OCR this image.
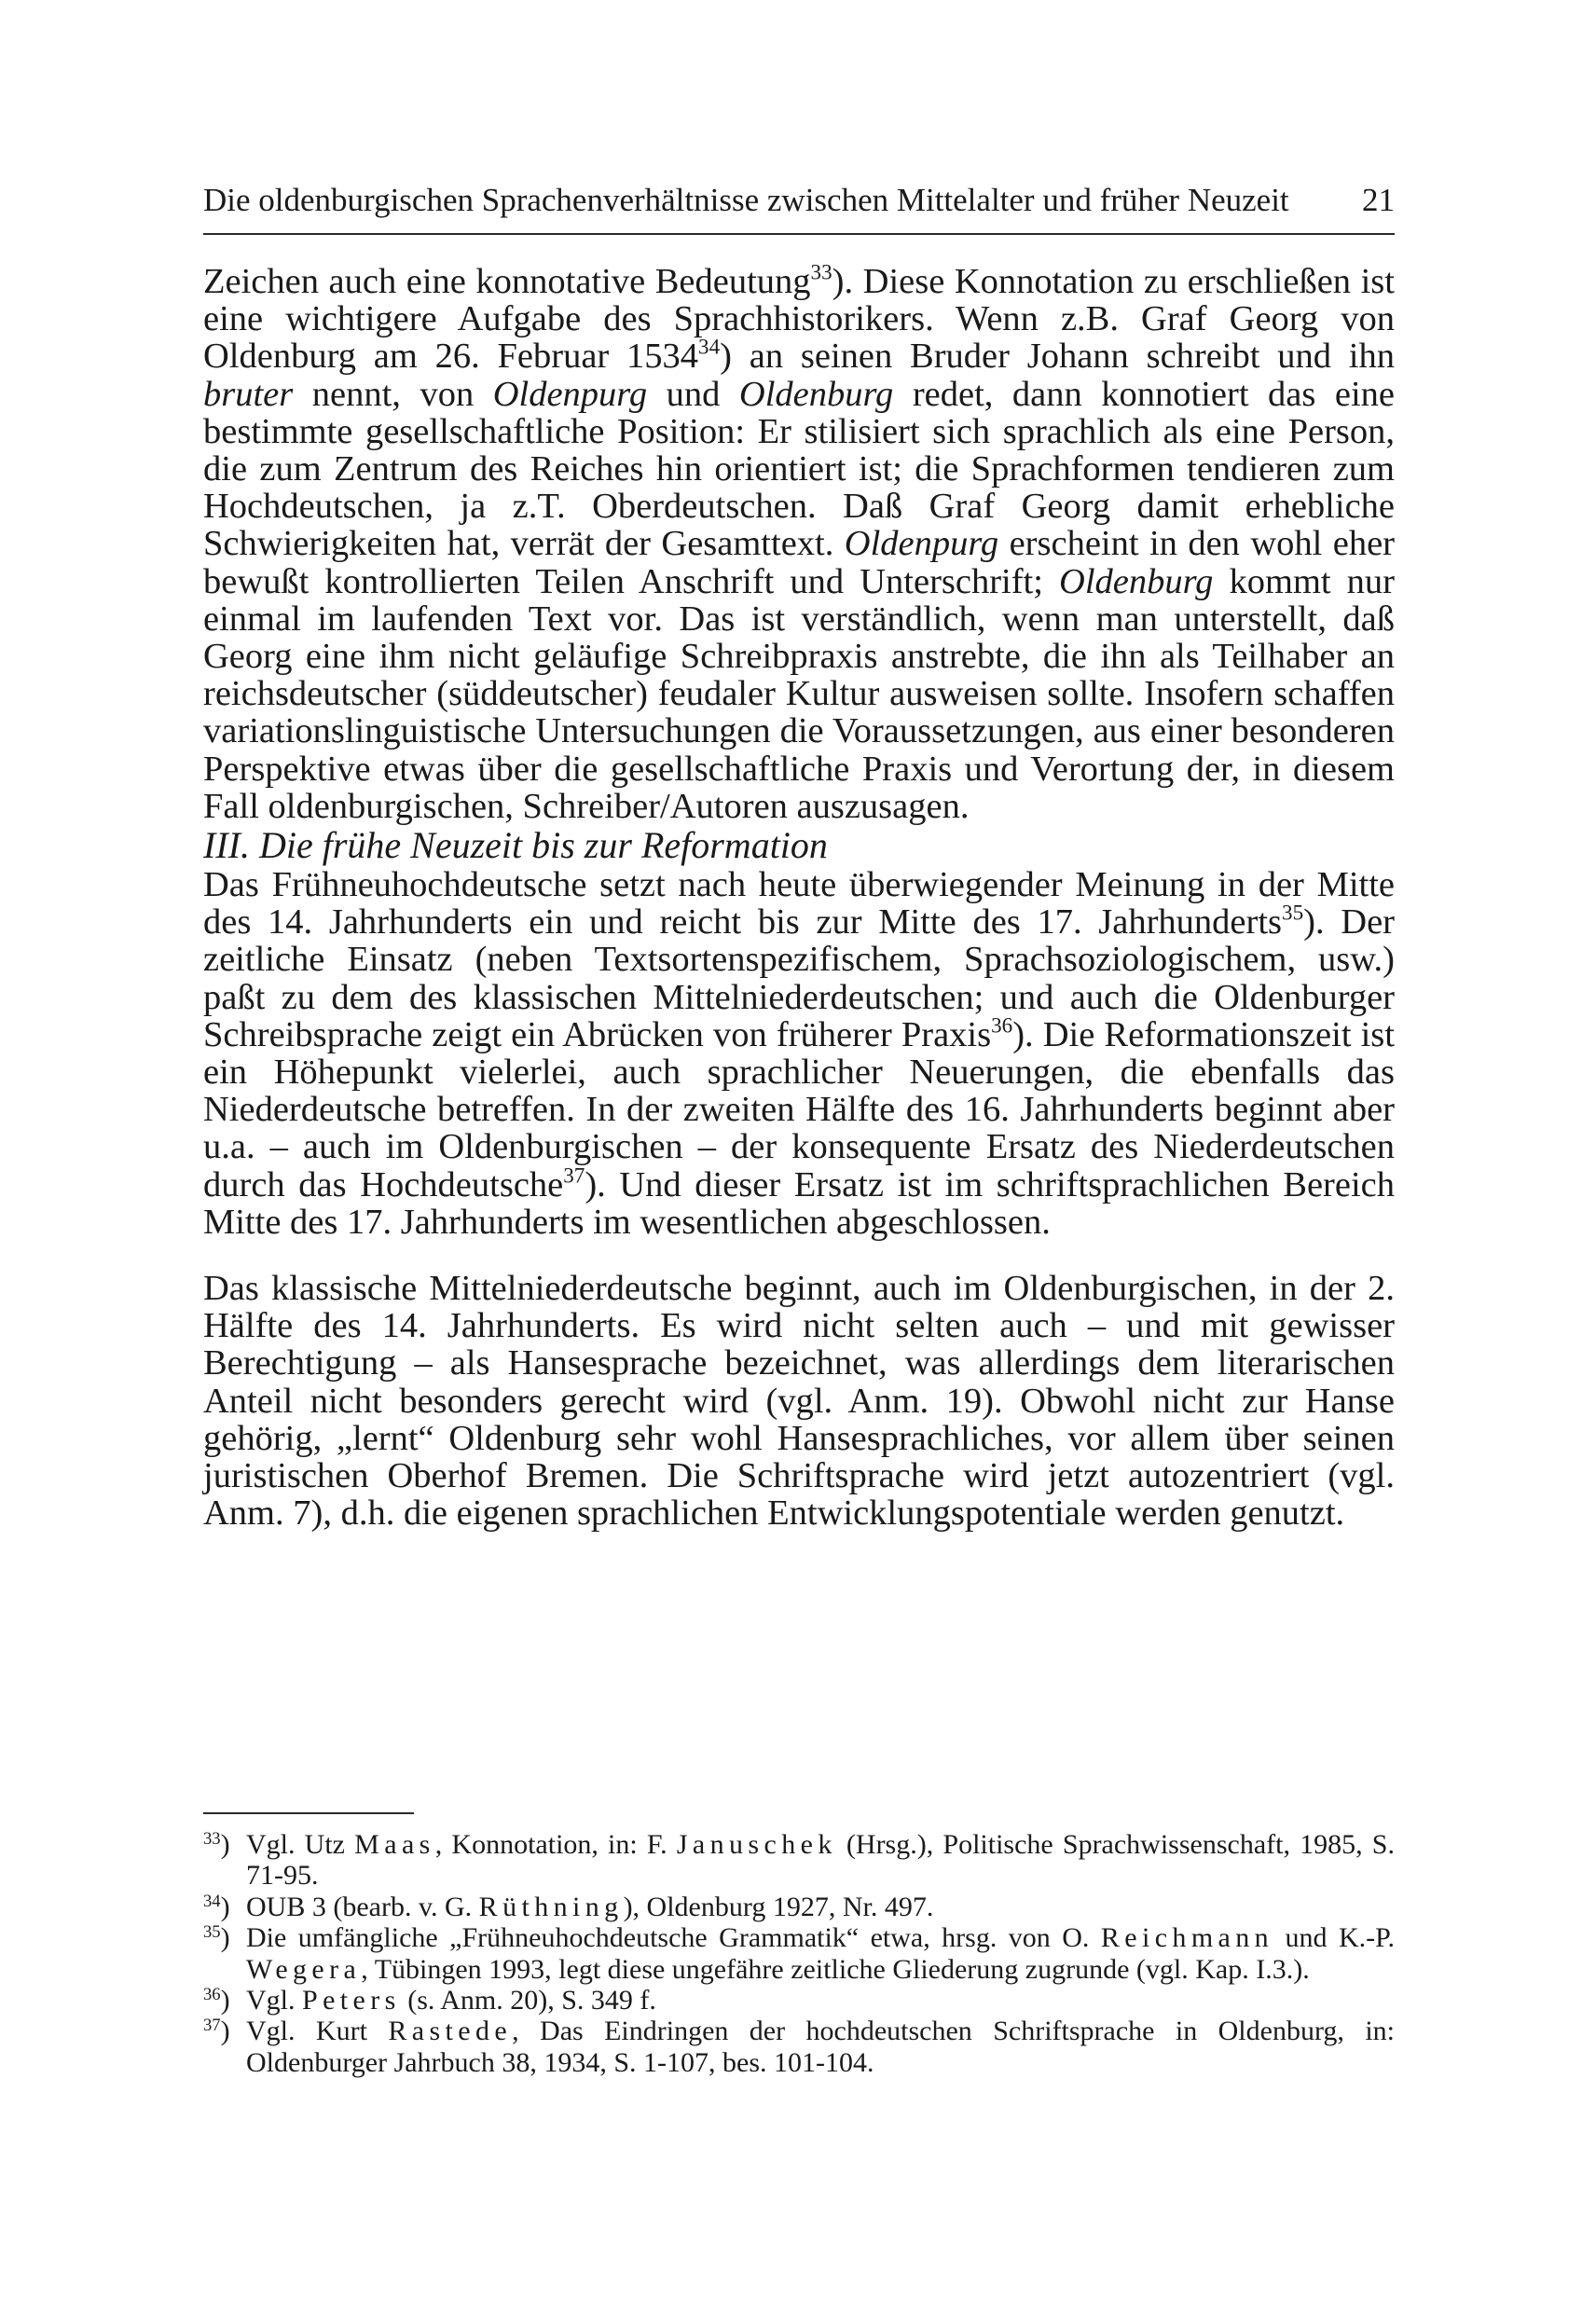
Die oldenburgischen Sprachenverhältnisse zwischen Mittelalter und früher Neuzeit 21

Zeichen auch eine konnotative Bedeutung$^{33}$). Diese Konnotation zu erschließen ist eine wichtigere Aufgabe des Sprachhistorikers. Wenn z.B. Graf Georg von Oldenburg am 26. Februar 1534$^{34}$) an seinen Bruder Johann schreibt und ihn bruter nennt, von Oldenpurg und Oldenburg redet, dann konnotiert das eine bestimmte gesellschaftliche Position: Er stilisiert sich sprachlich als eine Person, die zum Zentrum des Reiches hin orientiert ist; die Sprachformen tendieren zum Hochdeutschen, ja z.T. Oberdeutschen. Daß Graf Georg damit erhebliche Schwierigkeiten hat, verrät der Gesamttext. Oldenpurg erscheint in den wohl eher bewußt kontrollierten Teilen Anschrift und Unterschrift; Oldenburg kommt nur einmal im laufenden Text vor. Das ist verständlich, wenn man unterstellt, daß Georg eine ihm nicht geläufige Schreibpraxis anstrebte, die ihn als Teilhaber an reichsdeutscher (süddeutscher) feudaler Kultur ausweisen sollte. Insofern schaffen variationslinguistische Untersuchungen die Voraussetzungen, aus einer besonderen Perspektive etwas über die gesellschaftliche Praxis und Verortung der, in diesem Fall oldenburgischen, Schreiber/Autoren auszusagen.

III. Die frühe Neuzeit bis zur Reformation

Das Frühneuhochdeutsche setzt nach heute überwiegender Meinung in der Mitte des 14. Jahrhunderts ein und reicht bis zur Mitte des 17. Jahrhunderts$^{35}$). Der zeitliche Einsatz (neben Textsortenspezifischem, Sprachsoziologischem, usw.) paßt zu dem des klassischen Mittelniederdeutschen; und auch die Oldenburger Schreibsprache zeigt ein Abrücken von früherer Praxis$^{36}$). Die Reformationszeit ist ein Höhepunkt vielerlei, auch sprachlicher Neuerungen, die ebenfalls das Niederdeutsche betreffen. In der zweiten Hälfte des 16. Jahrhunderts beginnt aber u.a. – auch im Oldenburgischen – der konsequente Ersatz des Niederdeutschen durch das Hochdeutsche$^{37}$). Und dieser Ersatz ist im schriftsprachlichen Bereich Mitte des 17. Jahrhunderts im wesentlichen abgeschlossen.

Das klassische Mittelniederdeutsche beginnt, auch im Oldenburgischen, in der 2. Hälfte des 14. Jahrhunderts. Es wird nicht selten auch – und mit gewisser Berechtigung – als Hansesprache bezeichnet, was allerdings dem literarischen Anteil nicht besonders gerecht wird (vgl. Anm. 19). Obwohl nicht zur Hanse gehörig, „lernt“ Oldenburg sehr wohl Hansesprachliches, vor allem über seinen juristischen Oberhof Bremen. Die Schriftsprache wird jetzt autozentriert (vgl. Anm. 7), d.h. die eigenen sprachlichen Entwicklungspotentiale werden genutzt.

$^{33}$) Vgl. Utz Maas, Konnotation, in: F. Januschek (Hrsg.), Politische Sprachwissenschaft, 1985, S. 71-95.

$^{34}$) OUB 3 (bearb. v. G. Rüthning), Oldenburg 1927, Nr. 497.

$^{35}$) Die umfängliche „Frühneuhochdeutsche Grammatik“ etwa, hrsg. von O. Reichmann und K.-P. Wegera, Tübingen 1993, legt diese ungefähre zeitliche Gliederung zugrunde (vgl. Kap. I.3.).

$^{36}$) Vgl. Peters (s. Anm. 20), S. 349 f.

$^{37}$) Vgl. Kurt Rastede, Das Eindringen der hochdeutschen Schriftsprache in Oldenburg, in: Oldenburger Jahrbuch 38, 1934, S. 1-107, bes. 101-104.
